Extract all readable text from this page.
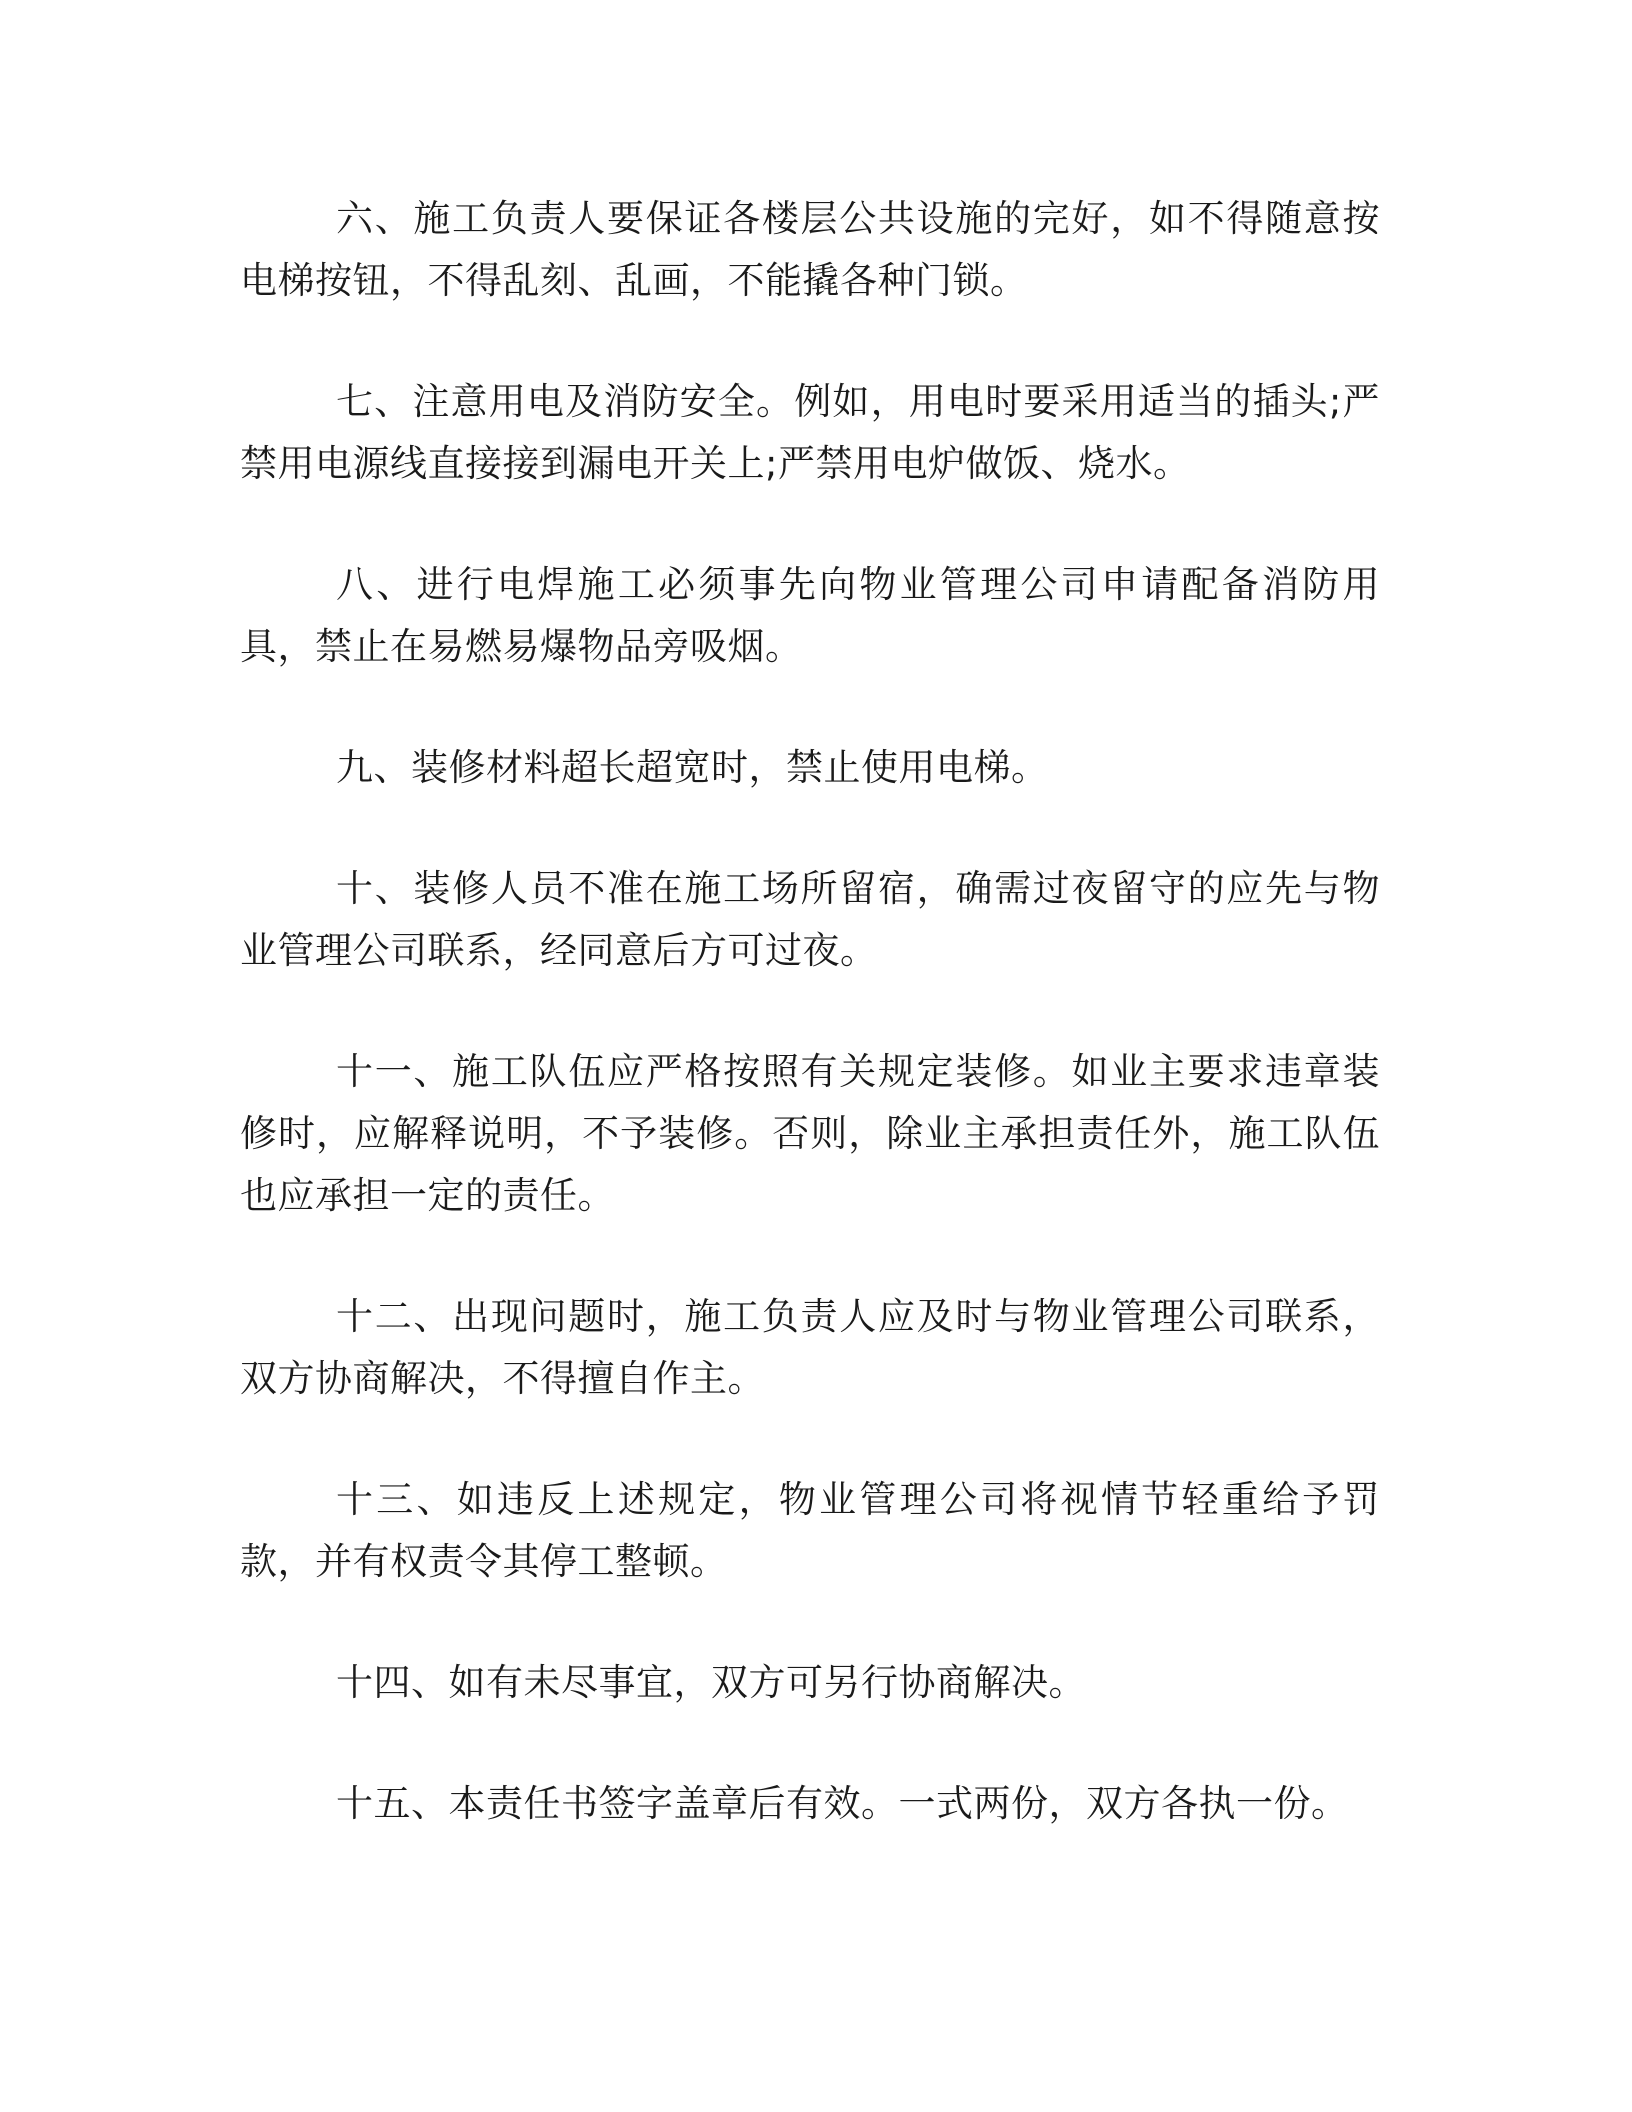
六、施工负责人要保证各楼层公共设施的完好，如不得随意按电梯按钮，不得乱刻、乱画，不能撬各种门锁。

七、注意用电及消防安全。例如，用电时要采用适当的插头;严禁用电源线直接接到漏电开关上;严禁用电炉做饭、烧水。

八、进行电焊施工必须事先向物业管理公司申请配备消防用具，禁止在易燃易爆物品旁吸烟。

九、装修材料超长超宽时，禁止使用电梯。

十、装修人员不准在施工场所留宿，确需过夜留守的应先与物业管理公司联系，经同意后方可过夜。

十一、施工队伍应严格按照有关规定装修。如业主要求违章装修时，应解释说明，不予装修。否则，除业主承担责任外，施工队伍也应承担一定的责任。

十二、出现问题时，施工负责人应及时与物业管理公司联系，双方协商解决，不得擅自作主。

十三、如违反上述规定，物业管理公司将视情节轻重给予罚款，并有权责令其停工整顿。

十四、如有未尽事宜，双方可另行协商解决。

十五、本责任书签字盖章后有效。一式两份，双方各执一份。
